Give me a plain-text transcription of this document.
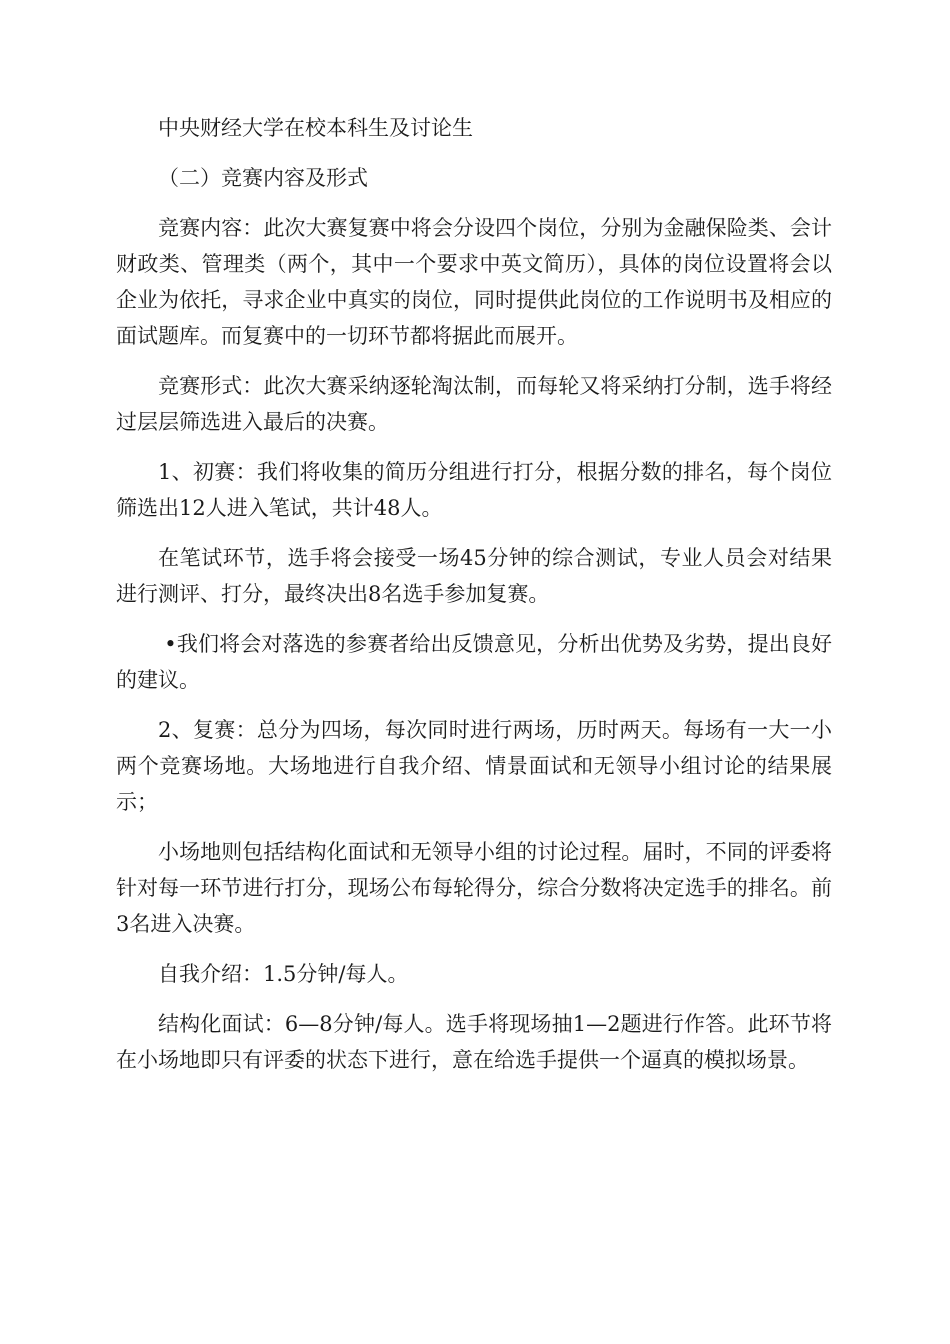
中央财经大学在校本科生及讨论生

（二）竞赛内容及形式

竞赛内容：此次大赛复赛中将会分设四个岗位，分别为金融保险类、会计财政类、管理类（两个，其中一个要求中英文简历），具体的岗位设置将会以企业为依托，寻求企业中真实的岗位，同时提供此岗位的工作说明书及相应的面试题库。而复赛中的一切环节都将据此而展开。

竞赛形式：此次大赛采纳逐轮淘汰制，而每轮又将采纳打分制，选手将经过层层筛选进入最后的决赛。

1、初赛：我们将收集的简历分组进行打分，根据分数的排名，每个岗位筛选出12人进入笔试，共计48人。

在笔试环节，选手将会接受一场45分钟的综合测试，专业人员会对结果进行测评、打分，最终决出8名选手参加复赛。

•我们将会对落选的参赛者给出反馈意见，分析出优势及劣势，提出良好的建议。

2、复赛：总分为四场，每次同时进行两场，历时两天。每场有一大一小两个竞赛场地。大场地进行自我介绍、情景面试和无领导小组讨论的结果展示；

小场地则包括结构化面试和无领导小组的讨论过程。届时，不同的评委将针对每一环节进行打分，现场公布每轮得分，综合分数将决定选手的排名。前3名进入决赛。

自我介绍：1.5分钟/每人。

结构化面试：6—8分钟/每人。选手将现场抽1—2题进行作答。此环节将在小场地即只有评委的状态下进行，意在给选手提供一个逼真的模拟场景。
